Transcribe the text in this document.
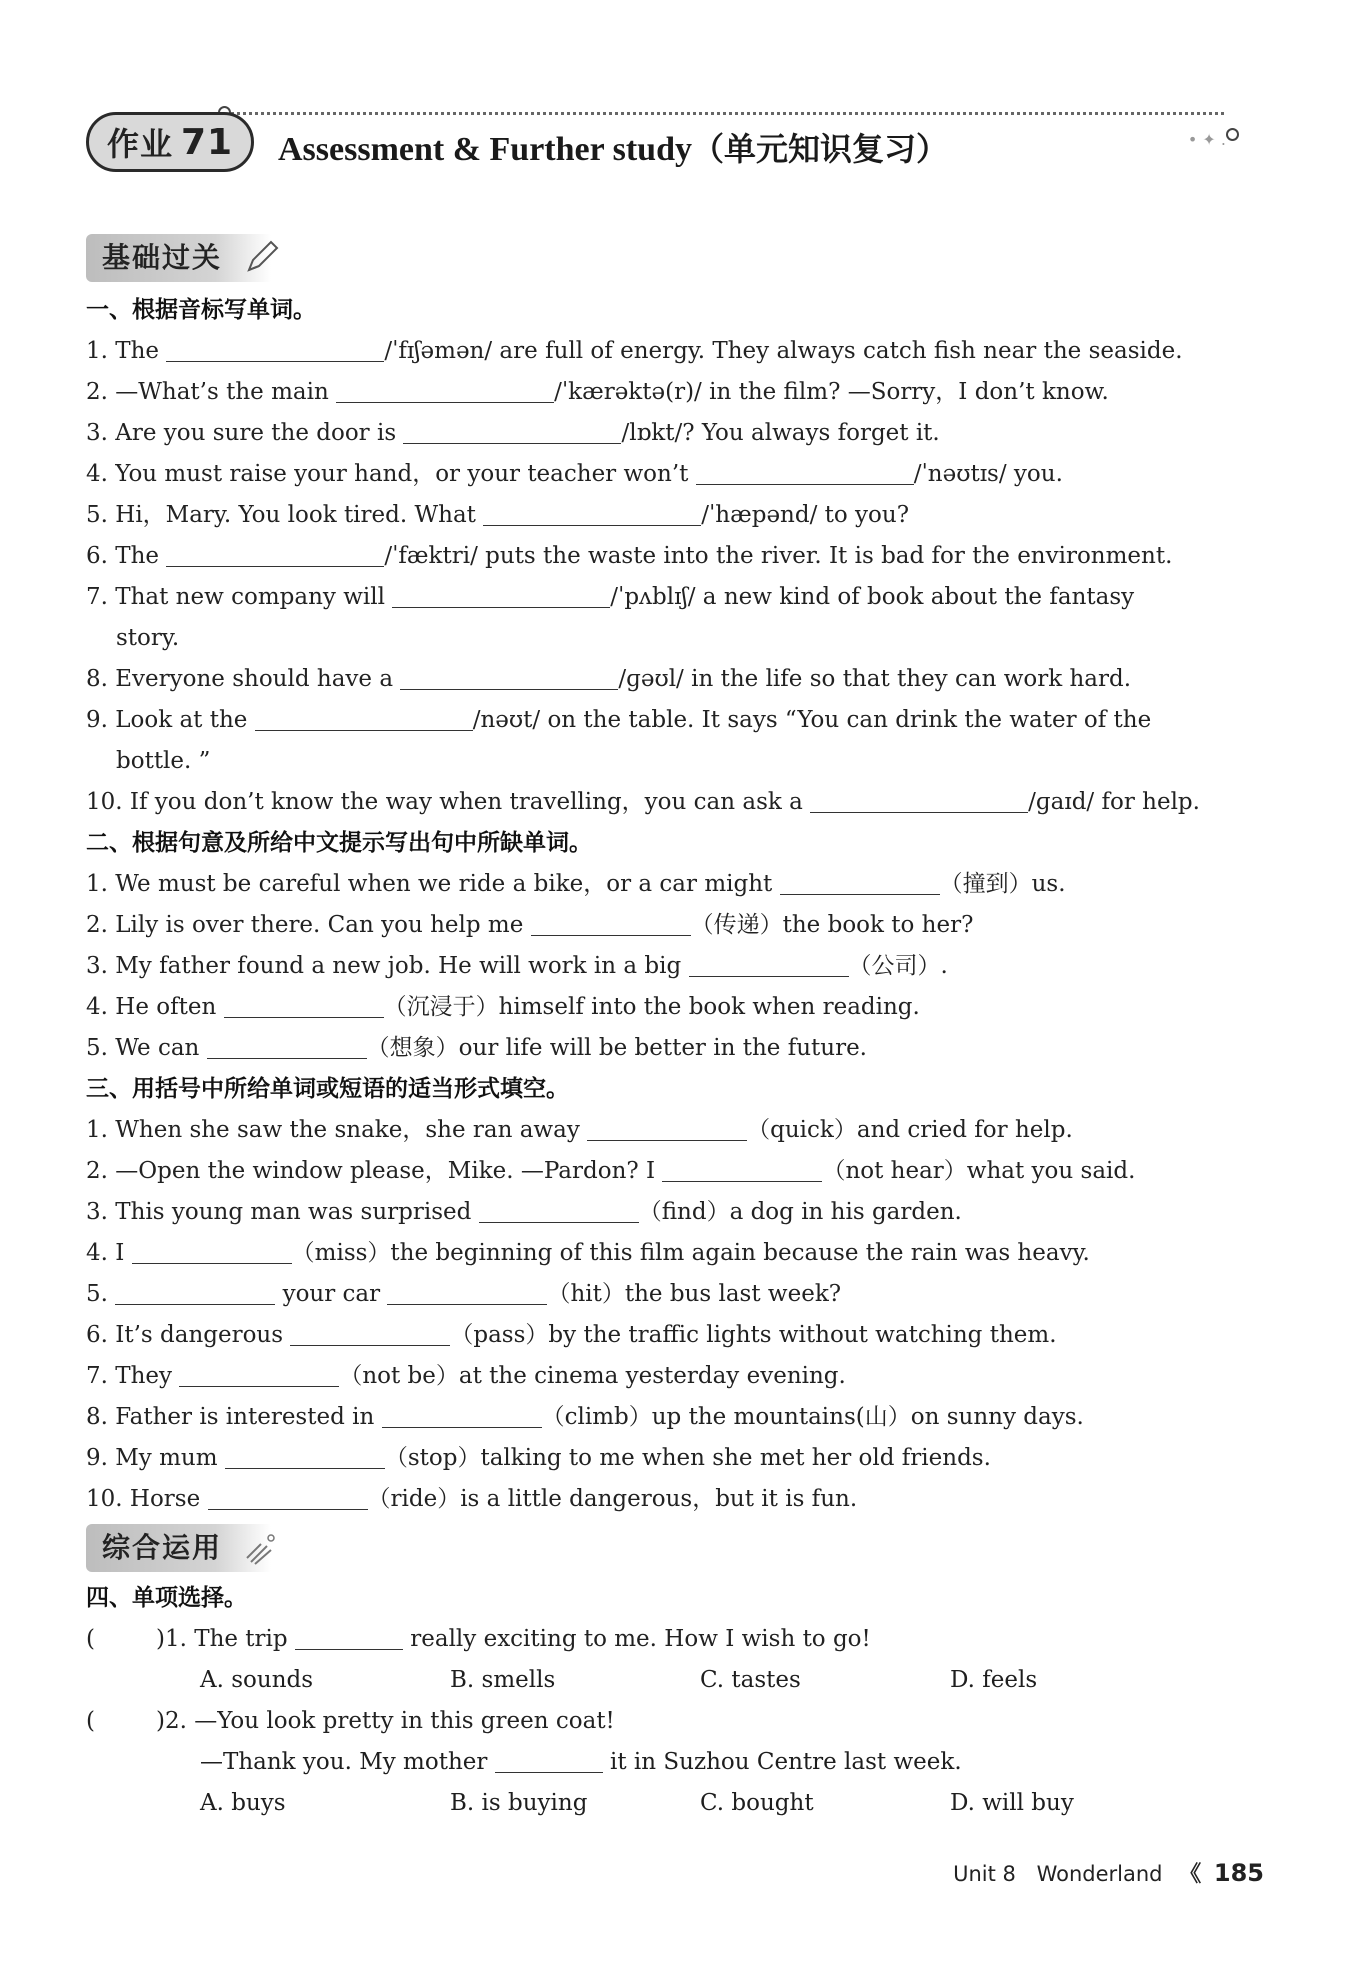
作业 71 Assessment & Further study（单元知识复习）	• ✦ .
基础过关
一、根据音标写单词。
1. The	/ˈfɪʃəmən/ are full of energy. They always catch fish near the seaside.
2. —What’s the main	/ˈkærəktə(r)/ in the film? —Sorry，I don’t know.
3. Are you sure the door is	/lɒkt/? You always forget it.
4. You must raise your hand，or your teacher won’t	/ˈnəʊtɪs/ you.
5. Hi，Mary. You look tired. What	/ˈhæpənd/ to you?
6. The	/ˈfæktri/ puts the waste into the river. It is bad for the environment.
7. That new company will	/ˈpʌblɪʃ/ a new kind of book about the fantasy
story.
8. Everyone should have a	/ɡəʊl/ in the life so that they can work hard.
9. Look at the	/nəʊt/ on the table. It says “You can drink the water of the
bottle. ”
10. If you don’t know the way when travelling，you can ask a	/ɡaɪd/ for help.
二、根据句意及所给中文提示写出句中所缺单词。
1. We must be careful when we ride a bike，or a car might	（撞到）us.
2. Lily is over there. Can you help me	（传递）the book to her?
3. My father found a new job. He will work in a big	（公司）.
4. He often	（沉浸于）himself into the book when reading.
5. We can	（想象）our life will be better in the future.
三、用括号中所给单词或短语的适当形式填空。
1. When she saw the snake，she ran away	（quick）and cried for help.
2. —Open the window please，Mike. —Pardon? I	（not hear）what you said.
3. This young man was surprised	（find）a dog in his garden.
4. I	（miss）the beginning of this film again because the rain was heavy.
5.	your car	（hit）the bus last week?
6. It’s dangerous	（pass）by the traffic lights without watching them.
7. They	（not be）at the cinema yesterday evening.
8. Father is interested in	（climb）up the mountains(山）on sunny days.
9. My mum	（stop）talking to me when she met her old friends.
10. Horse	（ride）is a little dangerous，but it is fun.
综合运用
四、单项选择。
(	)1. The trip	really exciting to me. How I wish to go!
A. sounds	B. smells	C. tastes	D. feels
(	)2. —You look pretty in this green coat!
—Thank you. My mother	it in Suzhou Centre last week.
A. buys	B. is buying	C. bought	D. will buy
Unit 8 Wonderland 《 185
